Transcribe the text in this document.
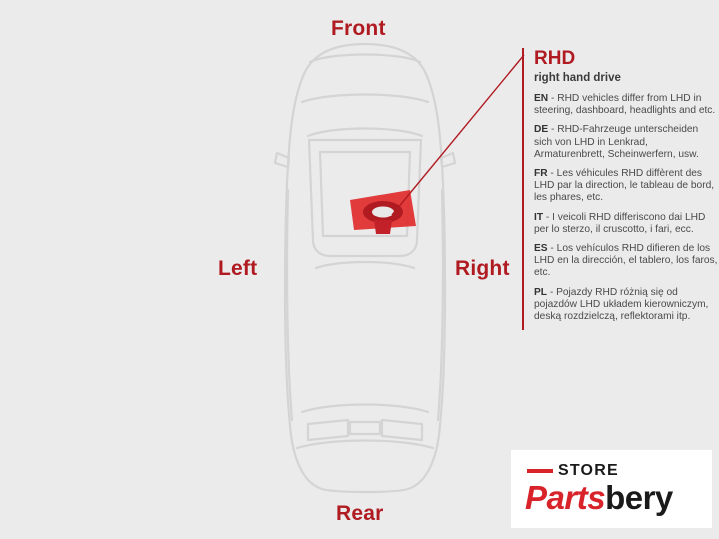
Front
Rear
Left	Right
RHD
right hand drive

EN - RHD vehicles differ from LHD in steering, dashboard, headlights and etc.

DE - RHD-Fahrzeuge unterscheiden sich von LHD in Lenkrad, Armaturenbrett, Scheinwerfern, usw.

FR - Les véhicules RHD diffèrent des LHD par la direction, le tableau de bord, les phares, etc.

IT - I veicoli RHD differiscono dai LHD per lo sterzo, il cruscotto, i fari, ecc.

ES - Los vehículos RHD difieren de los LHD en la dirección, el tablero, los faros, etc.

PL - Pojazdy RHD różnią się od pojazdów LHD układem kierowniczym, deską rozdzielczą, reflektorami itp.

STORE
Partsbery
